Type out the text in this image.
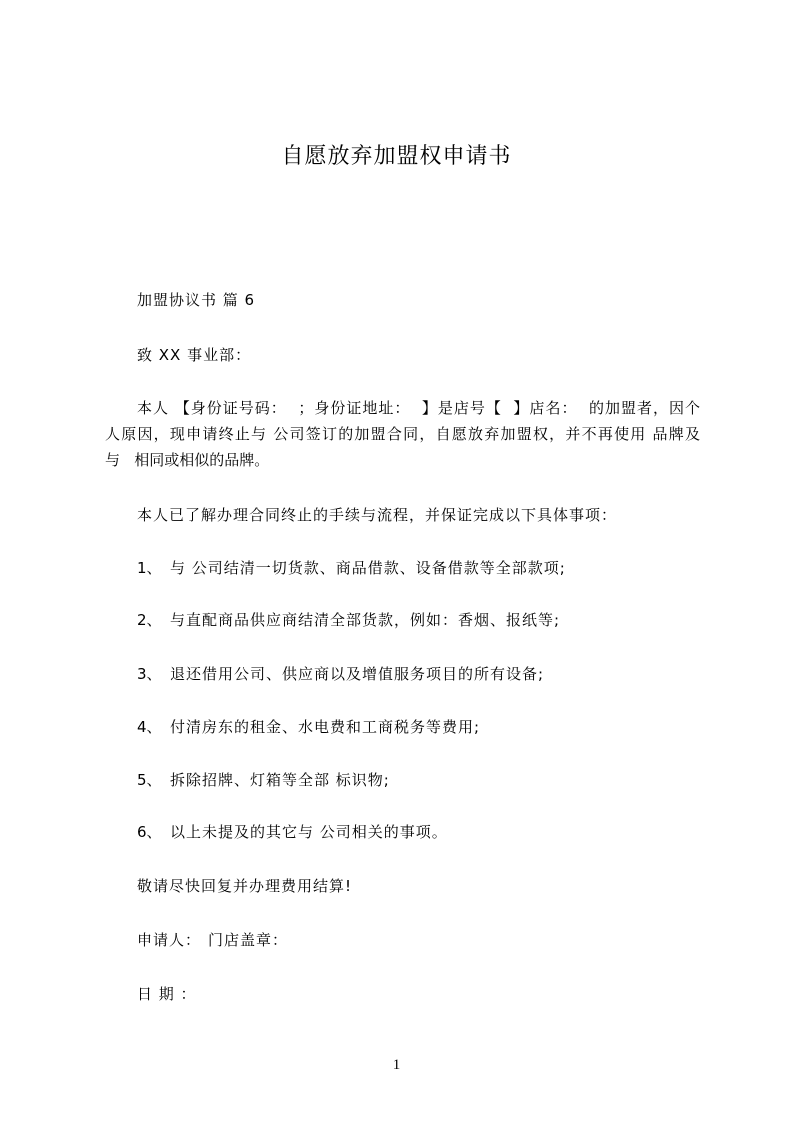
自愿放弃加盟权申请书
加盟协议书 篇 6
致 XX 事业部：
本人 【身份证号码：  ；身份证地址：  】是店号【  】店名：  的加盟者，因个
人原因，现申请终止与 公司签订的加盟合同，自愿放弃加盟权，并不再使用 品牌及
与   相同或相似的品牌。
本人已了解办理合同终止的手续与流程，并保证完成以下具体事项：
1、 与 公司结清一切货款、商品借款、设备借款等全部款项;
2、 与直配商品供应商结清全部货款，例如：香烟、报纸等;
3、 退还借用公司、供应商以及增值服务项目的所有设备;
4、 付清房东的租金、水电费和工商税务等费用;
5、 拆除招牌、灯箱等全部 标识物;
6、 以上未提及的其它与 公司相关的事项。
敬请尽快回复并办理费用结算!
申请人： 门店盖章：
日 期 ：
1
